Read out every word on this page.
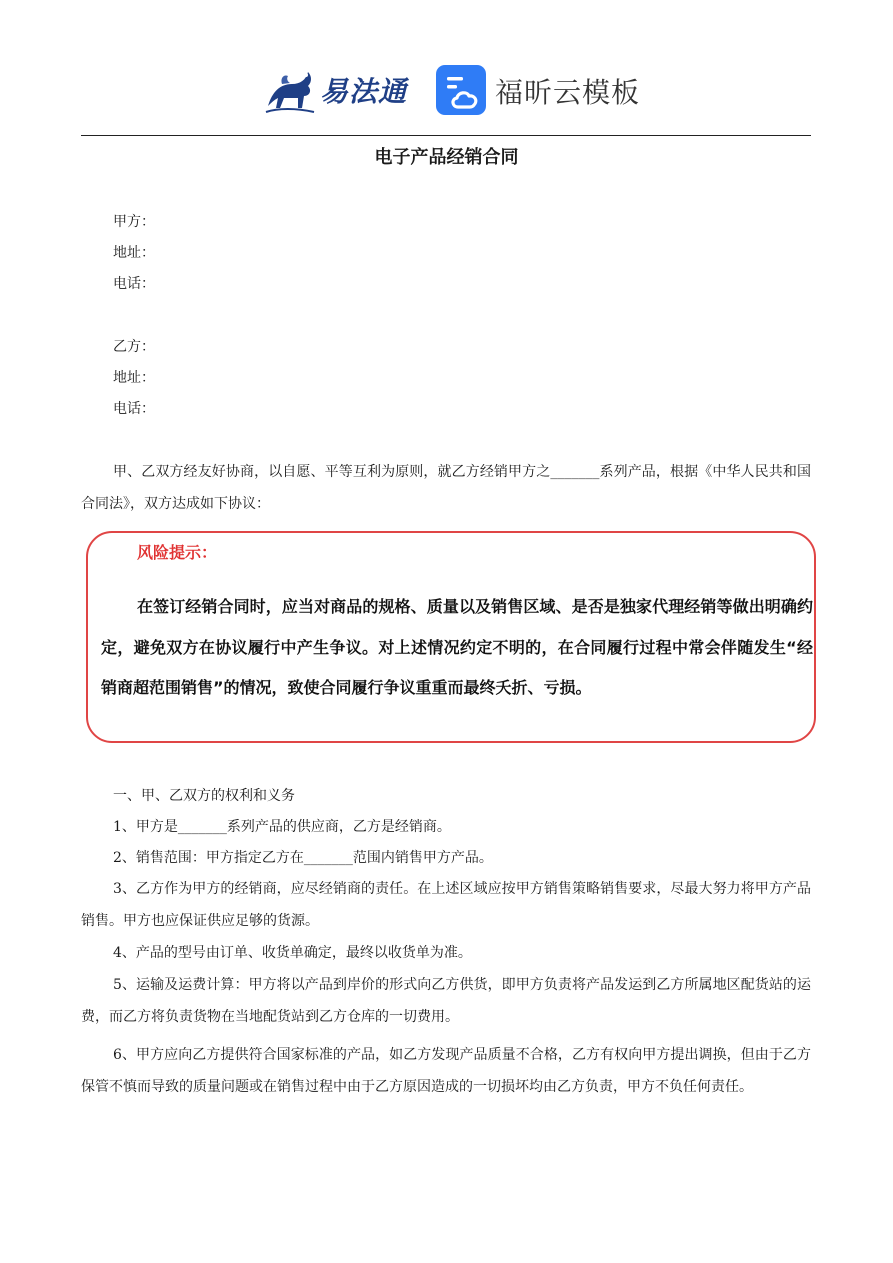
易法通	福昕云模板
电子产品经销合同
甲方：
地址：
电话：
乙方：
地址：
电话：
甲、乙双方经友好协商，以自愿、平等互利为原则，就乙方经销甲方之_______系列产品，根据《中华人民共和国合同法》，双方达成如下协议：
风险提示：
在签订经销合同时，应当对商品的规格、质量以及销售区域、是否是独家代理经销等做出明确约定，避免双方在协议履行中产生争议。对上述情况约定不明的，在合同履行过程中常会伴随发生“经销商超范围销售”的情况，致使合同履行争议重重而最终夭折、亏损。
一、甲、乙双方的权利和义务
1、甲方是_______系列产品的供应商，乙方是经销商。
2、销售范围：甲方指定乙方在_______范围内销售甲方产品。
3、乙方作为甲方的经销商，应尽经销商的责任。在上述区域应按甲方销售策略销售要求，尽最大努力将甲方产品销售。甲方也应保证供应足够的货源。
4、产品的型号由订单、收货单确定，最终以收货单为准。
5、运输及运费计算：甲方将以产品到岸价的形式向乙方供货，即甲方负责将产品发运到乙方所属地区配货站的运费，而乙方将负责货物在当地配货站到乙方仓库的一切费用。
6、甲方应向乙方提供符合国家标准的产品，如乙方发现产品质量不合格，乙方有权向甲方提出调换，但由于乙方保管不慎而导致的质量问题或在销售过程中由于乙方原因造成的一切损坏均由乙方负责，甲方不负任何责任。
